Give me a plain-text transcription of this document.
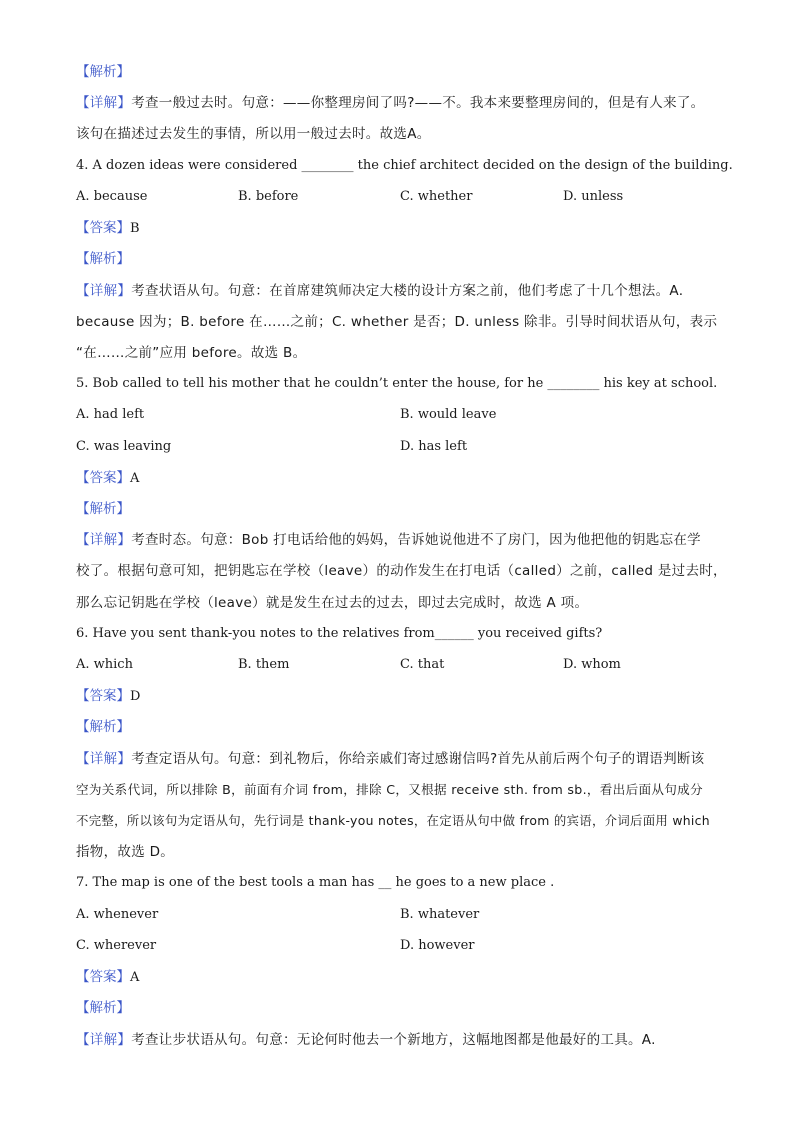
【解析】
【详解】考查一般过去时。句意：——你整理房间了吗?——不。我本来要整理房间的，但是有人来了。
该句在描述过去发生的事情，所以用一般过去时。故选A。
4. A dozen ideas were considered ________ the chief architect decided on the design of the building.
A. because	B. before	C. whether	D. unless
【答案】B
【解析】
【详解】考查状语从句。句意：在首席建筑师决定大楼的设计方案之前，他们考虑了十几个想法。A.
because 因为；B. before 在……之前；C. whether 是否；D. unless 除非。引导时间状语从句，表示
“在……之前”应用 before。故选 B。
5. Bob called to tell his mother that he couldn’t enter the house, for he ________ his key at school.
A. had left	B. would leave
C. was leaving	D. has left
【答案】A
【解析】
【详解】考查时态。句意：Bob 打电话给他的妈妈，告诉她说他进不了房门，因为他把他的钥匙忘在学
校了。根据句意可知，把钥匙忘在学校（leave）的动作发生在打电话（called）之前，called 是过去时，
那么忘记钥匙在学校（leave）就是发生在过去的过去，即过去完成时，故选 A 项。
6. Have you sent thank-you notes to the relatives from______ you received gifts?
A. which	B. them	C. that	D. whom
【答案】D
【解析】
【详解】考查定语从句。句意：到礼物后，你给亲戚们寄过感谢信吗?首先从前后两个句子的谓语判断该
空为关系代词，所以排除 B，前面有介词 from，排除 C，又根据 receive sth. from sb.，看出后面从句成分
不完整，所以该句为定语从句，先行词是 thank-you notes，在定语从句中做 from 的宾语，介词后面用 which
指物，故选 D。
7. The map is one of the best tools a man has __ he goes to a new place .
A. whenever	B. whatever
C. wherever	D. however
【答案】A
【解析】
【详解】考查让步状语从句。句意：无论何时他去一个新地方，这幅地图都是他最好的工具。A.
